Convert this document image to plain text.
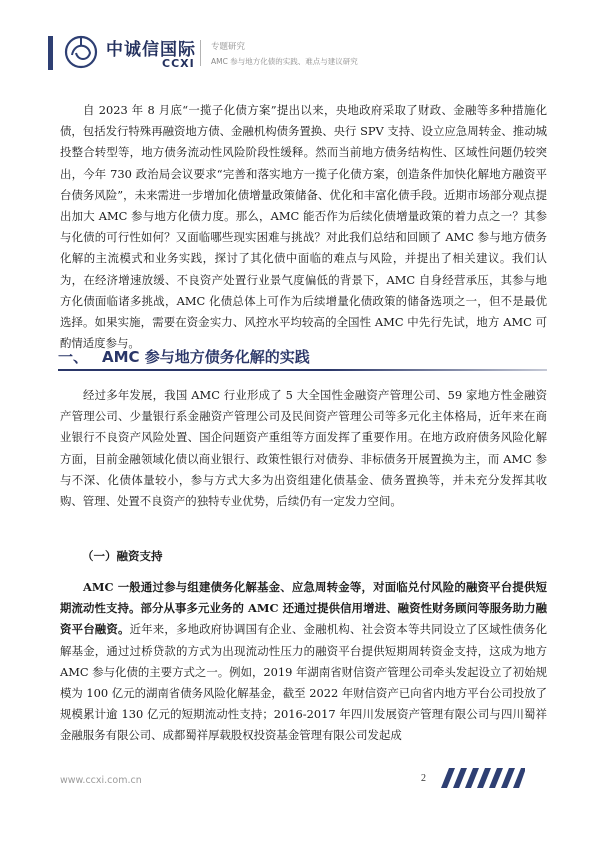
中诚信国际
CCXI
专题研究
AMC 参与地方化债的实践、难点与建议研究

自 2023 年 8 月底“一揽子化债方案”提出以来，央地政府采取了财政、金融等多种措施化债，包括发行特殊再融资地方债、金融机构债务置换、央行 SPV 支持、设立应急周转金、推动城投整合转型等，地方债务流动性风险阶段性缓释。然而当前地方债务结构性、区域性问题仍较突出，今年 730 政治局会议要求“完善和落实地方一揽子化债方案，创造条件加快化解地方融资平台债务风险”，未来需进一步增加化债增量政策储备、优化和丰富化债手段。近期市场部分观点提出加大 AMC 参与地方化债力度。那么，AMC 能否作为后续化债增量政策的着力点之一？其参与化债的可行性如何？又面临哪些现实困难与挑战？对此我们总结和回顾了 AMC 参与地方债务化解的主流模式和业务实践，探讨了其化债中面临的难点与风险，并提出了相关建议。我们认为，在经济增速放缓、不良资产处置行业景气度偏低的背景下，AMC 自身经营承压，其参与地方化债面临诸多挑战，AMC 化债总体上可作为后续增量化债政策的储备选项之一，但不是最优选择。如果实施，需要在资金实力、风控水平均较高的全国性 AMC 中先行先试，地方 AMC 可酌情适度参与。

一、 AMC 参与地方债务化解的实践

经过多年发展，我国 AMC 行业形成了 5 大全国性金融资产管理公司、59 家地方性金融资产管理公司、少量银行系金融资产管理公司及民间资产管理公司等多元化主体格局，近年来在商业银行不良资产风险处置、国企问题资产重组等方面发挥了重要作用。在地方政府债务风险化解方面，目前金融领域化债以商业银行、政策性银行对债券、非标债务开展置换为主，而 AMC 参与不深、化债体量较小，参与方式大多为出资组建化债基金、债务置换等，并未充分发挥其收购、管理、处置不良资产的独特专业优势，后续仍有一定发力空间。

（一）融资支持

AMC 一般通过参与组建债务化解基金、应急周转金等，对面临兑付风险的融资平台提供短期流动性支持。部分从事多元业务的 AMC 还通过提供信用增进、融资性财务顾问等服务助力融资平台融资。近年来，多地政府协调国有企业、金融机构、社会资本等共同设立了区域性债务化解基金，通过过桥贷款的方式为出现流动性压力的融资平台提供短期周转资金支持，这成为地方 AMC 参与化债的主要方式之一。例如，2019 年湖南省财信资产管理公司牵头发起设立了初始规模为 100 亿元的湖南省债务风险化解基金，截至 2022 年财信资产已向省内地方平台公司投放了规模累计逾 130 亿元的短期流动性支持；2016-2017 年四川发展资产管理有限公司与四川蜀祥金融服务有限公司、成都蜀祥厚载股权投资基金管理有限公司发起成

www.ccxi.com.cn	2
